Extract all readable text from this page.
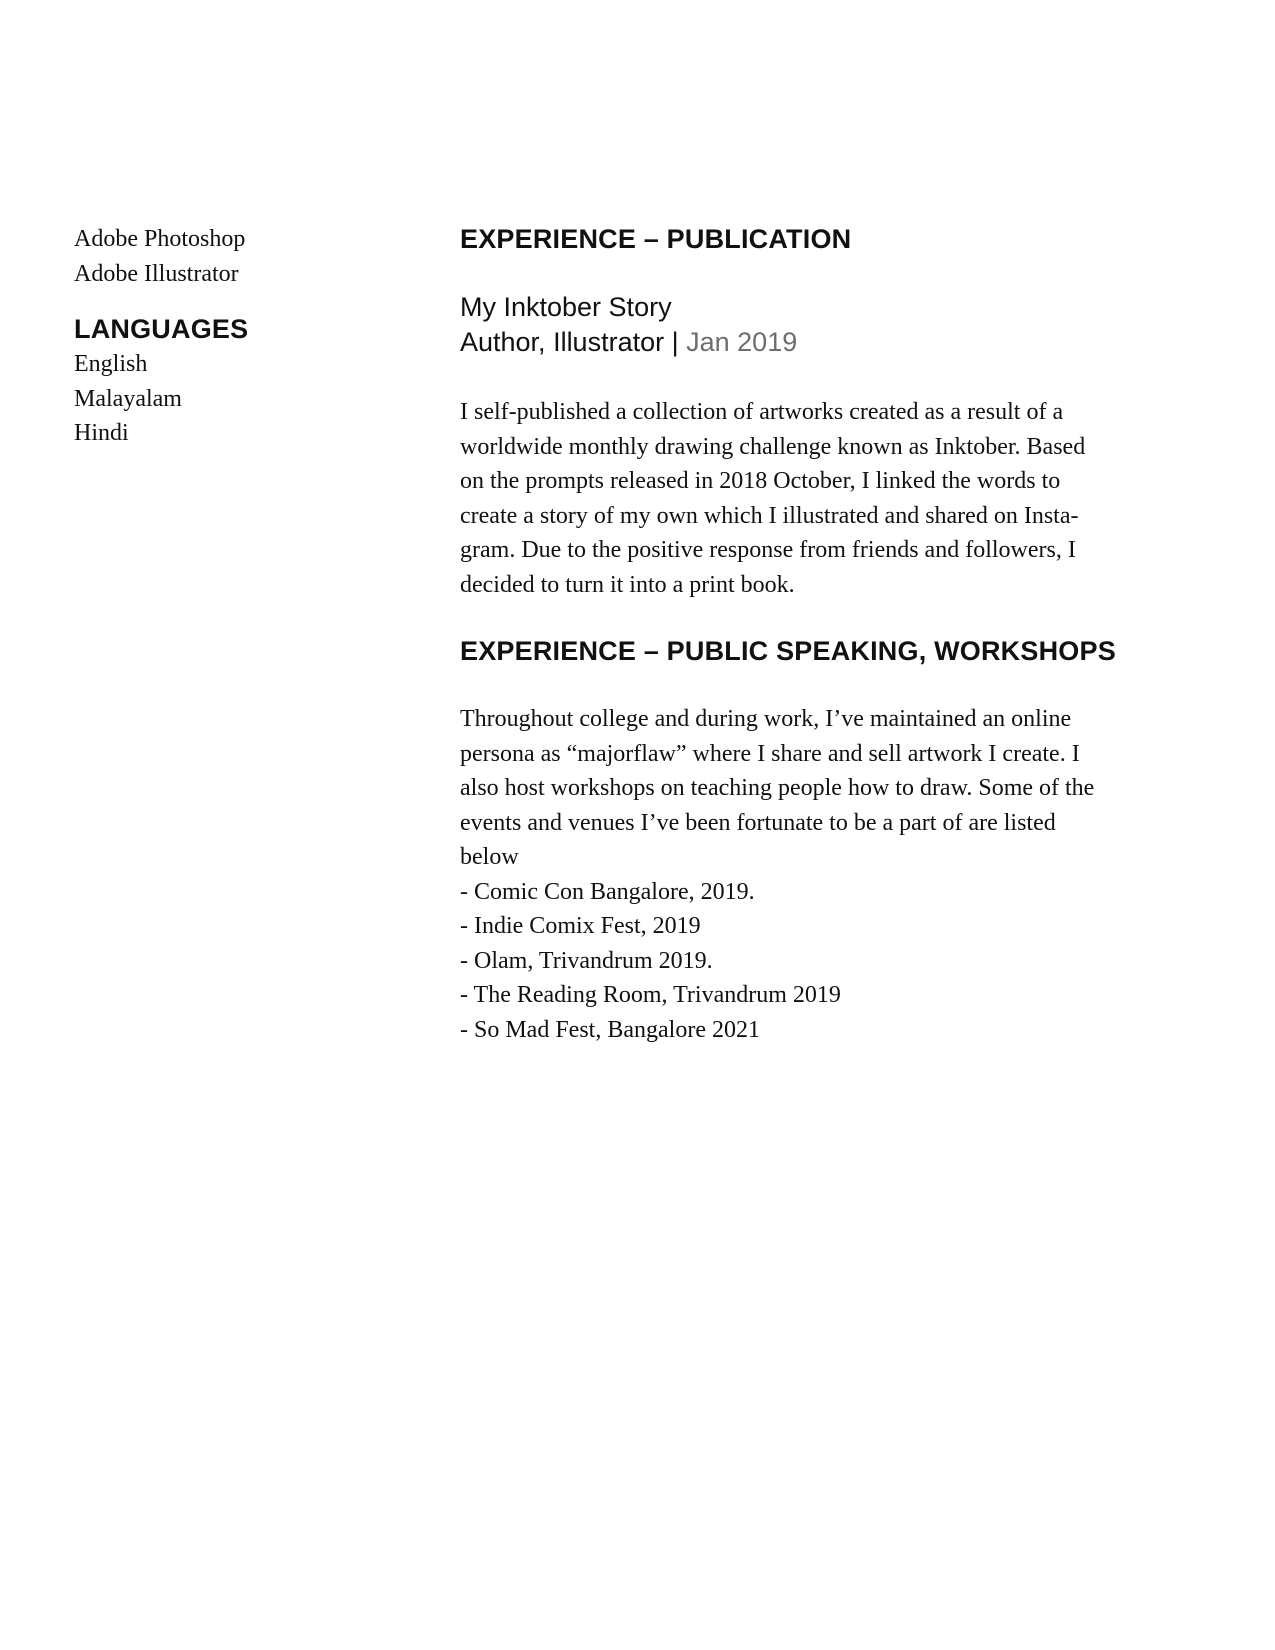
Adobe Photoshop
Adobe Illustrator
LANGUAGES
English
Malayalam
Hindi
EXPERIENCE – PUBLICATION
My Inktober Story
Author, Illustrator | Jan 2019
I self-published a collection of artworks created as a result of a
worldwide monthly drawing challenge known as Inktober. Based
on the prompts released in 2018 October, I linked the words to
create a story of my own which I illustrated and shared on Insta-
gram. Due to the positive response from friends and followers, I
decided to turn it into a print book.
EXPERIENCE – PUBLIC SPEAKING, WORKSHOPS
Throughout college and during work, I’ve maintained an online
persona as “majorflaw” where I share and sell artwork I create. I
also host workshops on teaching people how to draw. Some of the
events and venues I’ve been fortunate to be a part of are listed
below
- Comic Con Bangalore, 2019.
- Indie Comix Fest, 2019
- Olam, Trivandrum 2019.
- The Reading Room, Trivandrum 2019
- So Mad Fest, Bangalore 2021
